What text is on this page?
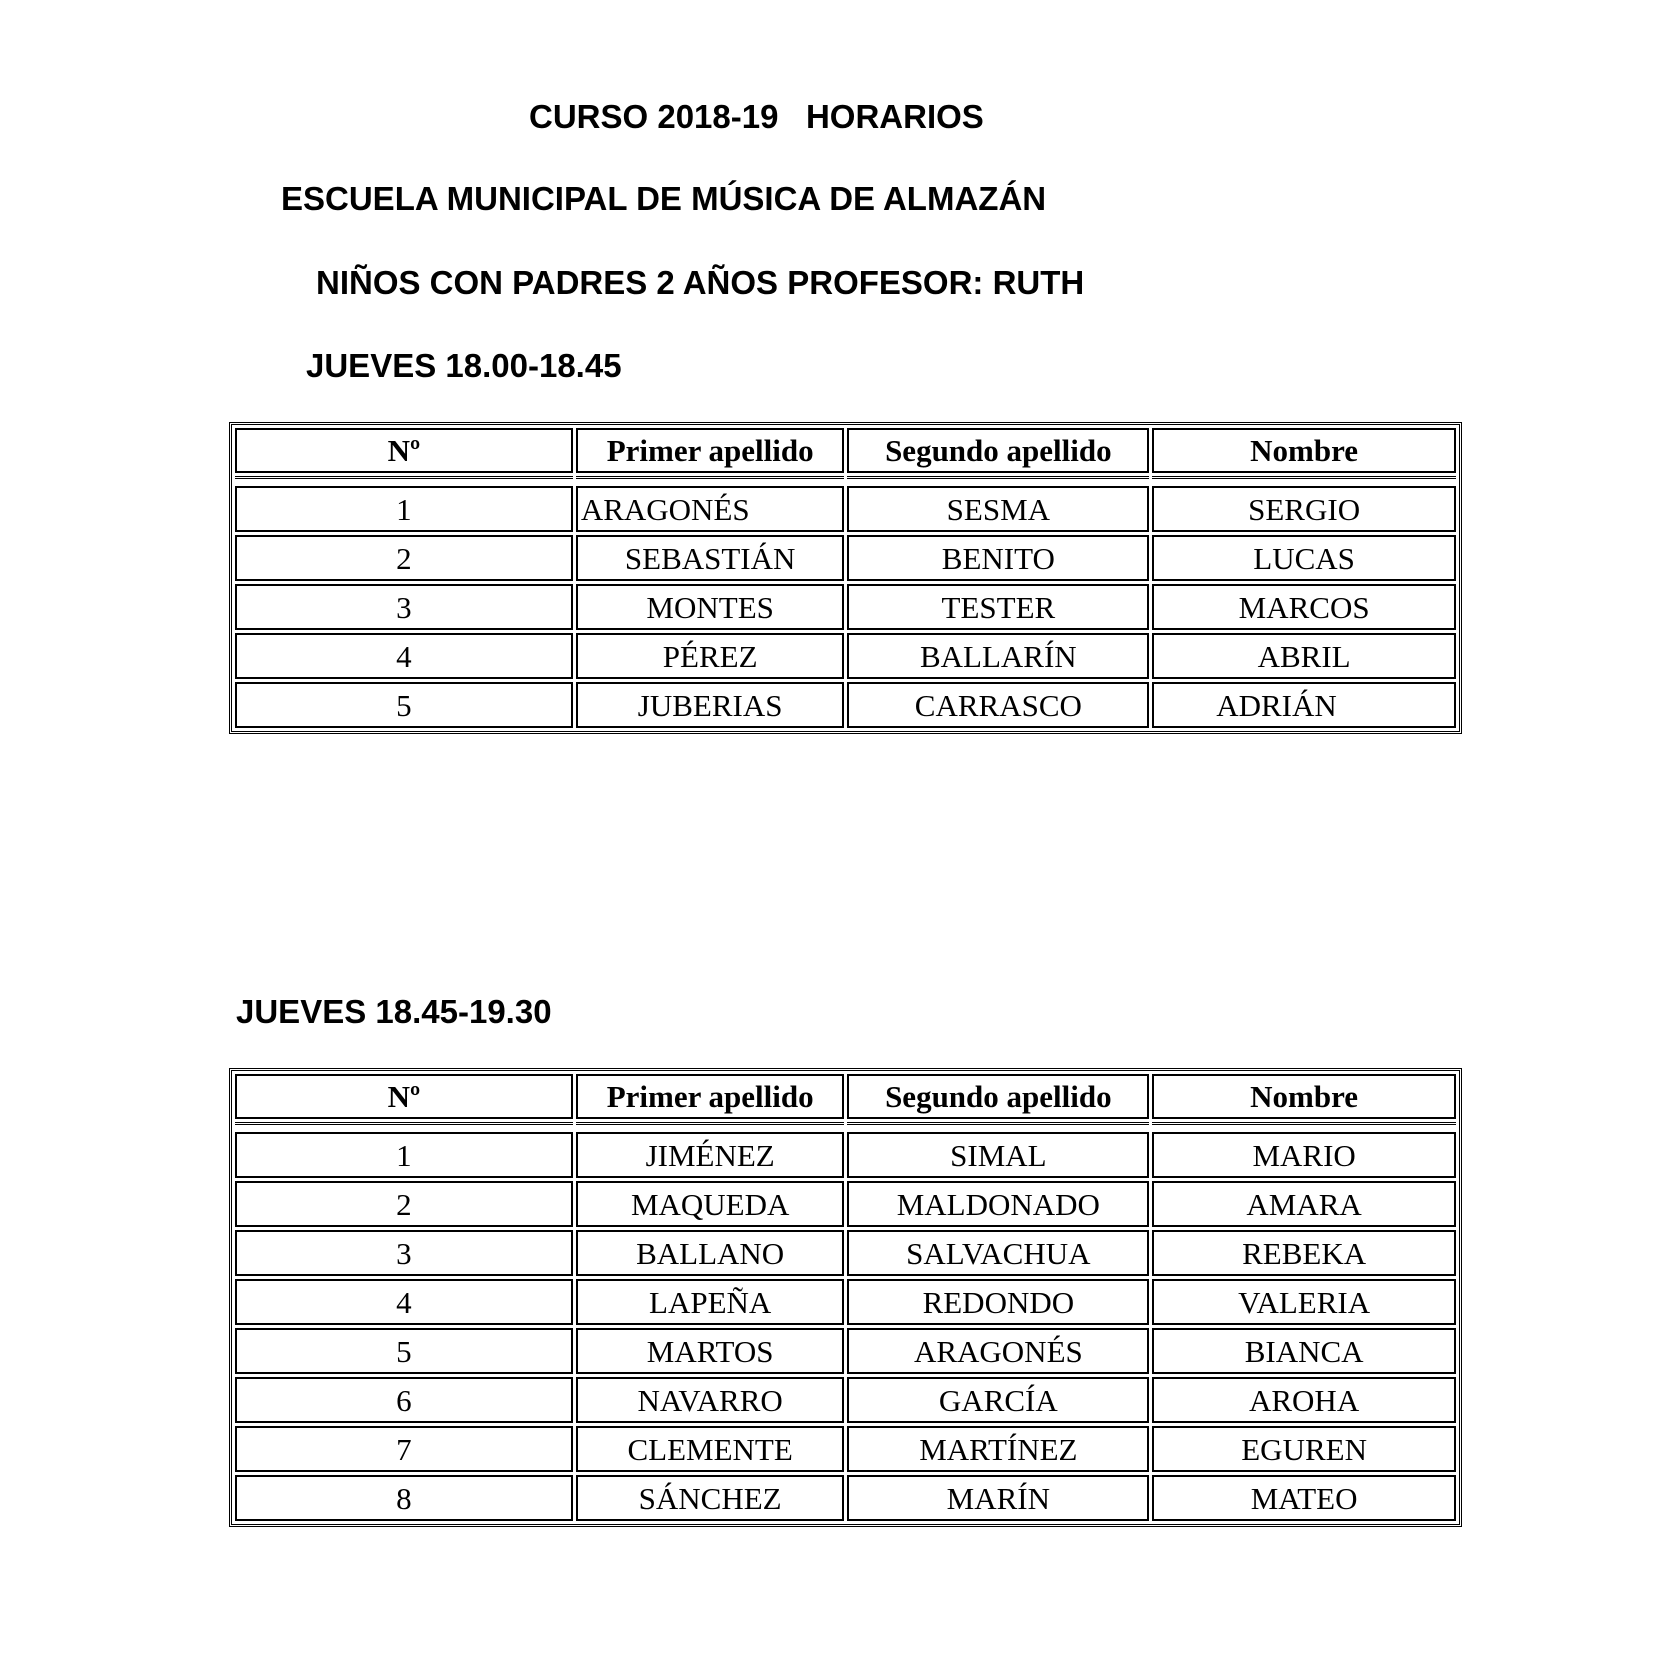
CURSO 2018-19   HORARIOS
ESCUELA MUNICIPAL DE MÚSICA DE ALMAZÁN
NIÑOS CON PADRES 2 AÑOS PROFESOR: RUTH
JUEVES 18.00-18.45
Nº	Primer apellido	Segundo apellido	Nombre

1	ARAGONÉS	SESMA	SERGIO
2	SEBASTIÁN	BENITO	LUCAS
3	MONTES	TESTER	MARCOS
4	PÉREZ	BALLARÍN	ABRIL
5	JUBERIAS	CARRASCO	ADRIÁN
JUEVES 18.45-19.30
Nº	Primer apellido	Segundo apellido	Nombre

1	JIMÉNEZ	SIMAL	MARIO
2	MAQUEDA	MALDONADO	AMARA
3	BALLANO	SALVACHUA	REBEKA
4	LAPEÑA	REDONDO	VALERIA
5	MARTOS	ARAGONÉS	BIANCA
6	NAVARRO	GARCÍA	AROHA
7	CLEMENTE	MARTÍNEZ	EGUREN
8	SÁNCHEZ	MARÍN	MATEO
